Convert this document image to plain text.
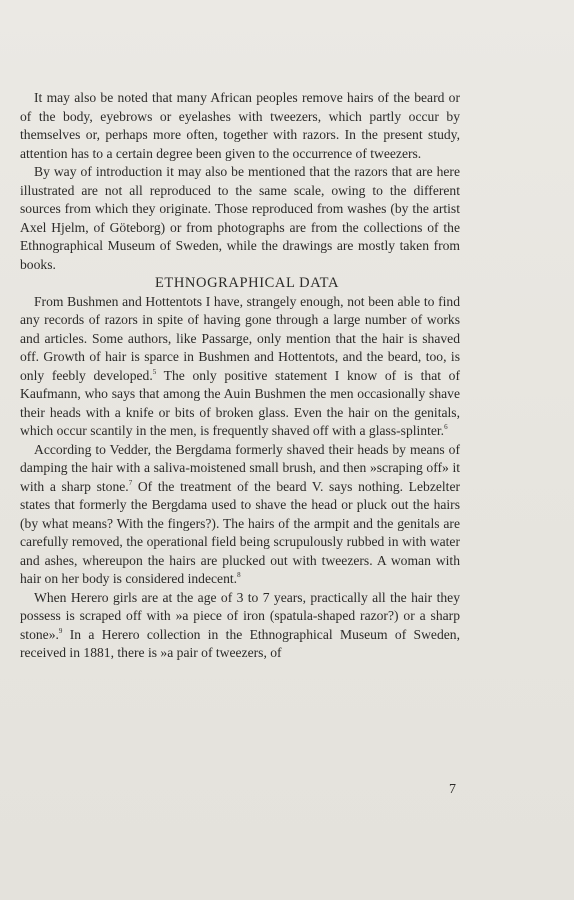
It may also be noted that many African peoples remove hairs of the beard or of the body, eyebrows or eyelashes with tweezers, which partly occur by themselves or, perhaps more often, together with razors. In the present study, attention has to a certain degree been given to the occurrence of tweezers.

By way of introduction it may also be mentioned that the razors that are here illustrated are not all reproduced to the same scale, owing to the different sources from which they originate. Those reproduced from washes (by the artist Axel Hjelm, of Göteborg) or from photographs are from the collections of the Ethnographical Museum of Sweden, while the drawings are mostly taken from books.

ETHNOGRAPHICAL DATA

From Bushmen and Hottentots I have, strangely enough, not been able to find any records of razors in spite of having gone through a large number of works and articles. Some authors, like Passarge, only mention that the hair is shaved off. Growth of hair is sparce in Bushmen and Hottentots, and the beard, too, is only feebly developed.$^5$ The only positive statement I know of is that of Kaufmann, who says that among the Auin Bushmen the men occasionally shave their heads with a knife or bits of broken glass. Even the hair on the genitals, which occur scantily in the men, is frequently shaved off with a glass-splinter.$^6$

According to Vedder, the Bergdama formerly shaved their heads by means of damping the hair with a saliva-moistened small brush, and then »scraping off» it with a sharp stone.$^7$ Of the treatment of the beard V. says nothing. Lebzelter states that formerly the Bergdama used to shave the head or pluck out the hairs (by what means? With the fingers?). The hairs of the armpit and the genitals are carefully removed, the operational field being scrupulously rubbed in with water and ashes, whereupon the hairs are plucked out with tweezers. A woman with hair on her body is considered indecent.$^8$

When Herero girls are at the age of 3 to 7 years, practically all the hair they possess is scraped off with »a piece of iron (spatula-shaped razor?) or a sharp stone».$^9$ In a Herero collection in the Ethnographical Museum of Sweden, received in 1881, there is »a pair of tweezers, of

7
